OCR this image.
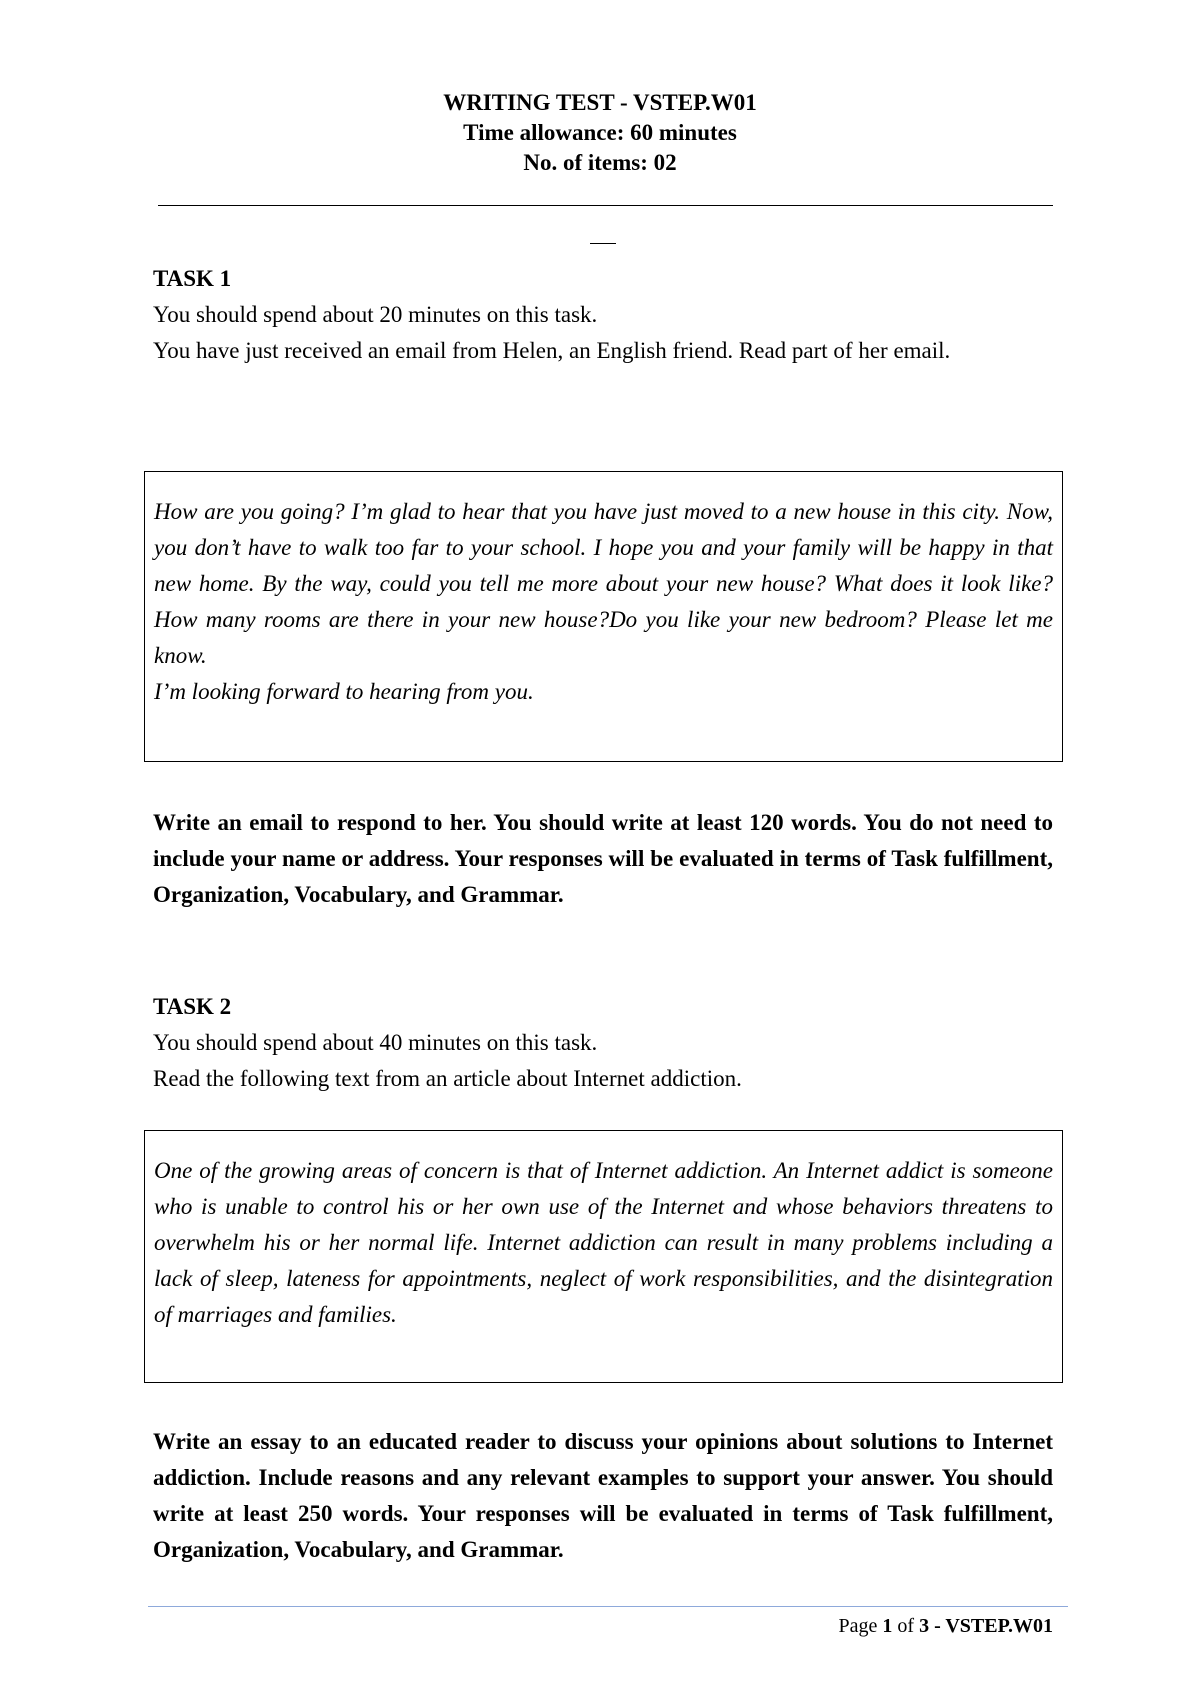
WRITING TEST - VSTEP.W01
Time allowance: 60 minutes
No. of items: 02

TASK 1

You should spend about 20 minutes on this task.

You have just received an email from Helen, an English friend. Read part of her email.

How are you going? I’m glad to hear that you have just moved to a new house in this city. Now, you don’t have to walk too far to your school. I hope you and your family will be happy in that new home. By the way, could you tell me more about your new house? What does it look like? How many rooms are there in your new house?Do you like your new bedroom? Please let me know.

I’m looking forward to hearing from you.

Write an email to respond to her. You should write at least 120 words. You do not need to include your name or address. Your responses will be evaluated in terms of Task fulfillment, Organization, Vocabulary, and Grammar.

TASK 2

You should spend about 40 minutes on this task.

Read the following text from an article about Internet addiction.

One of the growing areas of concern is that of Internet addiction. An Internet addict is someone who is unable to control his or her own use of the Internet and whose behaviors threatens to overwhelm his or her normal life. Internet addiction can result in many problems including a lack of sleep, lateness for appointments, neglect of work responsibilities, and the disintegration of marriages and families.

Write an essay to an educated reader to discuss your opinions about solutions to Internet addiction. Include reasons and any relevant examples to support your answer. You should write at least 250 words. Your responses will be evaluated in terms of Task fulfillment, Organization, Vocabulary, and Grammar.

Page 1 of 3 - VSTEP.W01
